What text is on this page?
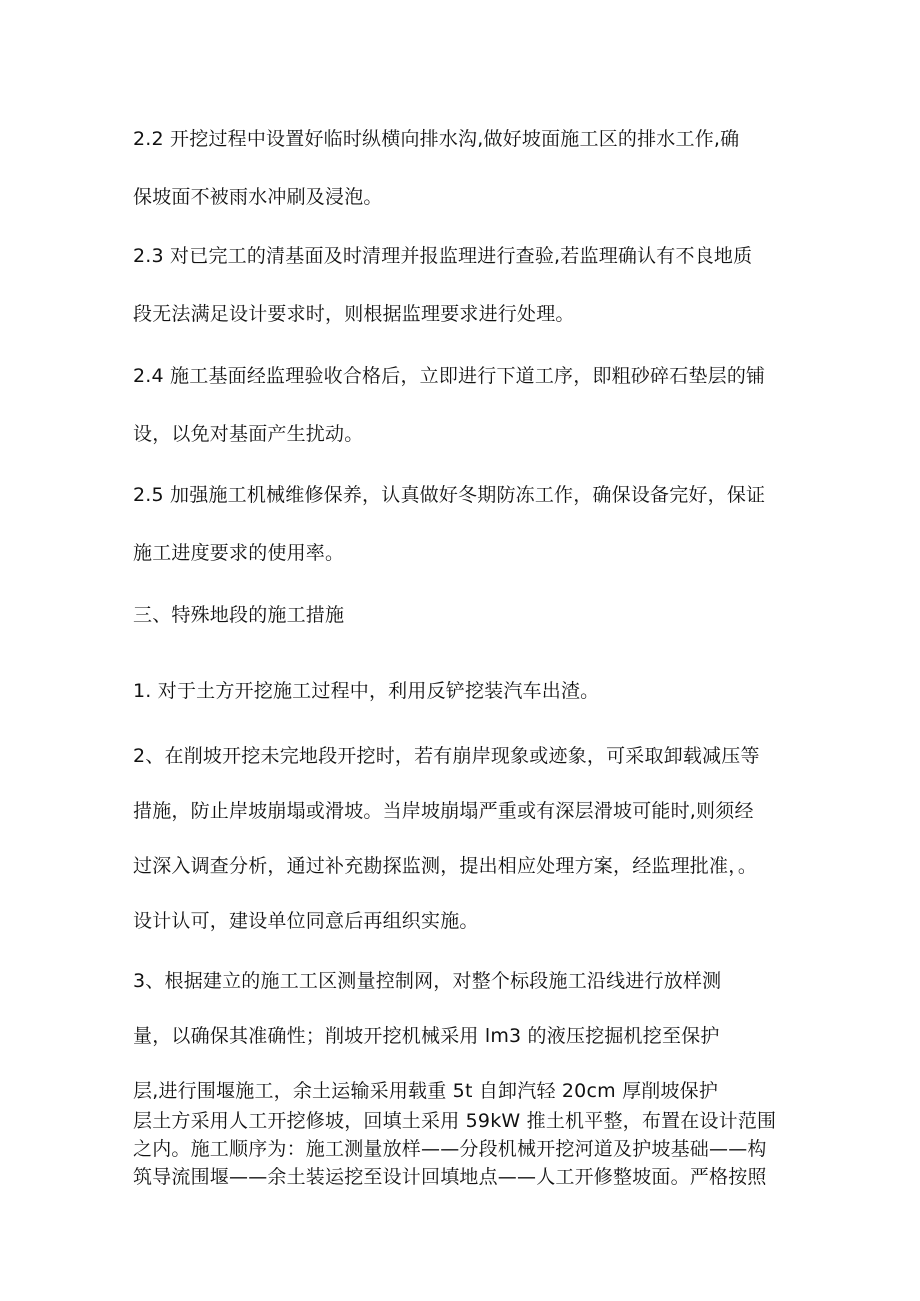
2.2 开挖过程中设置好临时纵横向排水沟,做好坡面施工区的排水工作,确
保坡面不被雨水冲刷及浸泡。
2.3 对已完工的清基面及时清理并报监理进行查验,若监理确认有不良地质
段无法满足设计要求时，则根据监理要求进行处理。
2.4 施工基面经监理验收合格后，立即进行下道工序，即粗砂碎石垫层的铺
设，以免对基面产生扰动。
2.5 加强施工机械维修保养，认真做好冬期防冻工作，确保设备完好，保证
施工进度要求的使用率。
三、特殊地段的施工措施
1. 对于土方开挖施工过程中，利用反铲挖装汽车出渣。
2、在削坡开挖未完地段开挖时，若有崩岸现象或迹象，可采取卸载减压等
措施，防止岸坡崩塌或滑坡。当岸坡崩塌严重或有深层滑坡可能时,则须经
过深入调查分析，通过补充勘探监测，提出相应处理方案，经监理批准，。
设计认可，建设单位同意后再组织实施。
3、根据建立的施工工区测量控制网，对整个标段施工沿线进行放样测
量，以确保其准确性；削坡开挖机械采用 lm3 的液压挖掘机挖至保护
层,进行围堰施工，余土运输采用载重 5t 自卸汽轻 20cm 厚削坡保护
层土方采用人工开挖修坡，回填土采用 59kW 推土机平整，布置在设计范围
之内。施工顺序为：施工测量放样——分段机械开挖河道及护坡基础——构
筑导流围堰——余土装运挖至设计回填地点——人工开修整坡面。严格按照
